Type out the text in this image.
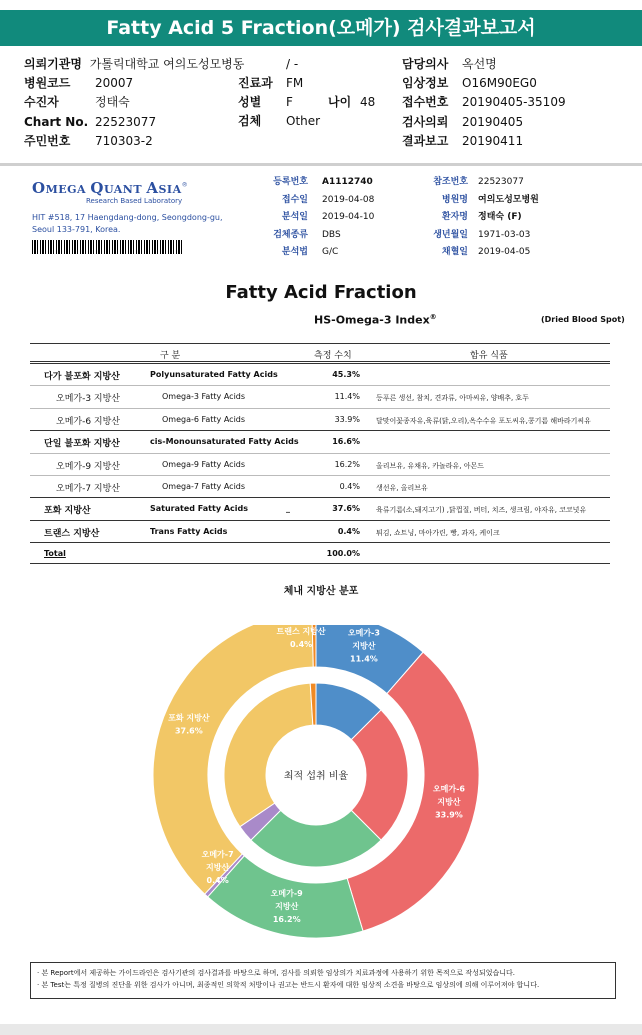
Fatty Acid 5 Fraction(오메가) 검사결과보고서
의뢰기관명 가톨릭대학교 여의도성모병동	/ -
병원코드 20007	진료과 FM
수진자	정태숙	성별 F	나이 48
Chart No. 22523077	검체 Other
주민번호 710303-2
담당의사 옥선명
임상정보 O16M90EG0
접수번호 20190405-35109
검사의뢰 20190405
결과보고 20190411
OMEGA QUANT ASIA®
Research Based Laboratory
HIT #518, 17 Haengdang-dong, Seongdong-gu,
Seoul 133-791, Korea.
등록번호 A1112740
접수일 2019-04-08
분석일 2019-04-10
검체종류 DBS
분석법 G/C
참조번호 22523077
병원명 여의도성모병원
환자명 정태숙 (F)
생년월일 1971-03-03
채혈일 2019-04-05
Fatty Acid Fraction
HS-Omega-3 Index®	(Dried Blood Spot)
구 분	측정 수치	함유 식품
다가 불포화 지방산	Polyunsaturated Fatty Acids	45.3%
오메가-3 지방산	Omega-3 Fatty Acids	11.4% 등푸른 생선, 참치, 견과류, 아마씨유, 양배추, 호두
오메가-6 지방산	Omega-6 Fatty Acids	33.9% 달맞이꽃종자유,육류(닭,오리),옥수수유 포도씨유,콩기름 해바라기씨유
단일 불포화 지방산	cis-Monounsaturated Fatty Acids	16.6%
오메가-9 지방산	Omega-9 Fatty Acids	16.2% 올리브유, 유채유, 카놀라유, 아몬드
오메가-7 지방산	Omega-7 Fatty Acids	0.4% 생선유, 올리브유
포화 지방산	Saturated Fatty Acids	37.6% 육류기름(소,돼지고기) ,닭껍질, 버터, 치즈, 생크림, 야자유, 코코넛유
_
트랜스 지방산	Trans Fatty Acids	0.4% 튀김, 쇼트닝, 마아가린, 빵, 과자, 케이크
Total	100.0%
체내 지방산 분포
최적 섭취 비율
오메가-3
지방산
11.4%
오메가-6
지방산
33.9%
오메가-9
지방산
16.2%
오메가-7
지방산
0.4%
포화 지방산
37.6%
트랜스 지방산
0.4%
· 본 Report에서 제공하는 가이드라인은 검사기관의 검사결과를 바탕으로 하며, 검사를 의뢰한 임상의가 치료과정에 사용하기 위한 목적으로 작성되었습니다.
· 본 Test는 특정 질병의 진단을 위한 검사가 아니며, 최종적인 의학적 처방이나 권고는 반드시 환자에 대한 임상적 소견을 바탕으로 임상의에 의해 이루어져야 합니다.
